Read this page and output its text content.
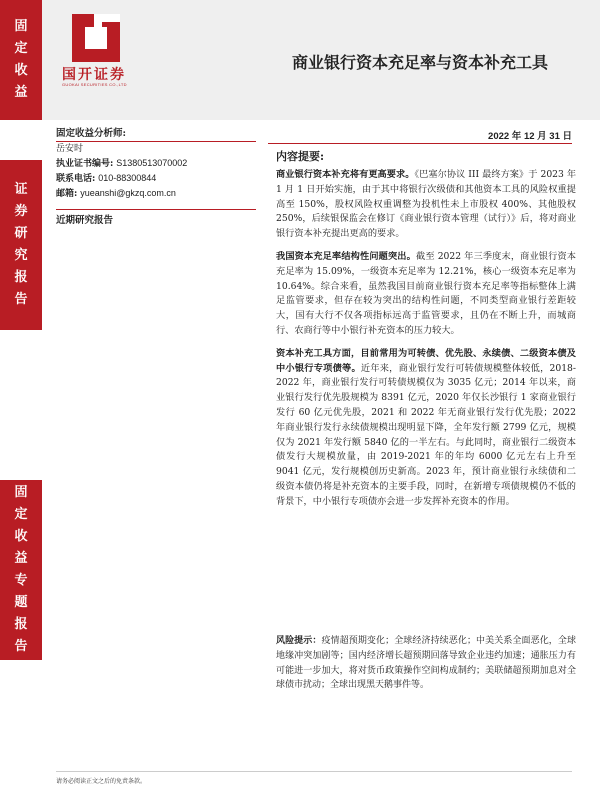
固
定
收
益
证
券
研
究
报
告
固
定
收
益
专
题
报
告
国开证券
GUOKAI SECURITIES CO.,LTD
商业银行资本充足率与资本补充工具
固定收益分析师:
岳安时
执业证书编号: S1380513070002
联系电话: 010-88300844
邮箱: yueanshi@gkzq.com.cn
近期研究报告
2022 年 12 月 31 日
内容提要:

商业银行资本补充将有更高要求。《巴塞尔协议 III 最终方案》于 2023 年 1 月 1 日开始实施，由于其中将银行次级债和其他资本工具的风险权重提高至 150%，股权风险权重调整为投机性未上市股权 400%、其他股权 250%，后续银保监会在修订《商业银行资本管理（试行）》后，将对商业银行资本补充提出更高的要求。

我国资本充足率结构性问题突出。截至 2022 年三季度末，商业银行资本充足率为 15.09%，一级资本充足率为 12.21%，核心一级资本充足率为 10.64%。综合来看，虽然我国目前商业银行资本充足率等指标整体上满足监管要求，但存在较为突出的结构性问题，不同类型商业银行差距较大，国有大行不仅各项指标远高于监管要求，且仍在不断上升，而城商行、农商行等中小银行补充资本的压力较大。

资本补充工具方面，目前常用为可转债、优先股、永续债、二级资本债及中小银行专项债等。近年来，商业银行发行可转债规模整体较低，2018-2022 年，商业银行发行可转债规模仅为 3035 亿元；2014 年以来，商业银行发行优先股规模为 8391 亿元，2020 年仅长沙银行 1 家商业银行发行 60 亿元优先股，2021 和 2022 年无商业银行发行优先股；2022 年商业银行发行永续债规模出现明显下降，全年发行额 2799 亿元，规模仅为 2021 年发行额 5840 亿的一半左右。与此同时，商业银行二级资本债发行大规模放量，由 2019-2021 年的年均 6000 亿元左右上升至 9041 亿元，发行规模创历史新高。2023 年，预计商业银行永续债和二级资本债仍将是补充资本的主要手段，同时，在新增专项债规模仍不低的背景下，中小银行专项债亦会进一步发挥补充资本的作用。

风险提示：疫情超预期变化；全球经济持续恶化；中美关系全面恶化，全球地缘冲突加剧等；国内经济增长超预期回落导致企业违约加速；通胀压力有可能进一步加大，将对货币政策操作空间构成制约；美联储超预期加息对全球债市扰动；全球出现黑天鹅事件等。
请务必阅读正文之后的免责条款。
